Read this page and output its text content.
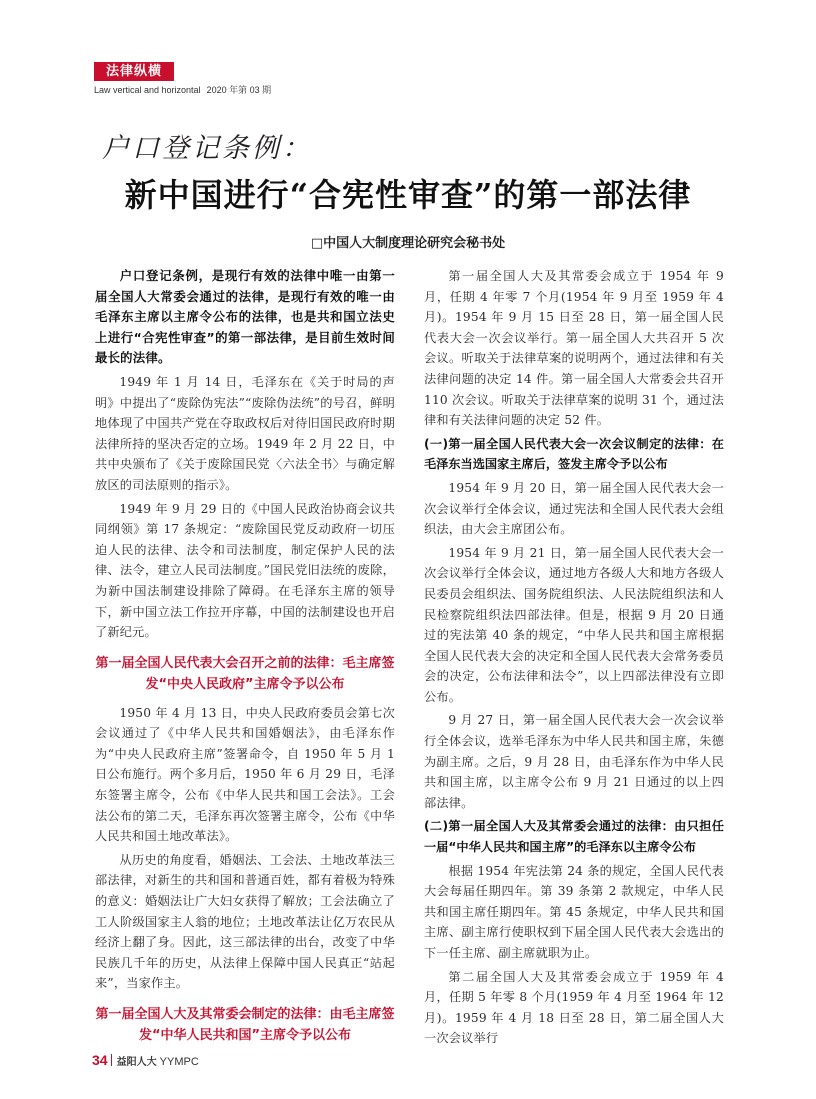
法律纵横
Law vertical and horizontal 2020 年第 03 期
户口登记条例：
新中国进行“合宪性审查”的第一部法律
□中国人大制度理论研究会秘书处

户口登记条例，是现行有效的法律中唯一由第一届全国人大常委会通过的法律，是现行有效的唯一由毛泽东主席以主席令公布的法律，也是共和国立法史上进行“合宪性审查”的第一部法律，是目前生效时间最长的法律。

1949 年 1 月 14 日，毛泽东在《关于时局的声明》中提出了“废除伪宪法”“废除伪法统”的号召，鲜明地体现了中国共产党在夺取政权后对待旧国民政府时期法律所持的坚决否定的立场。1949 年 2 月 22 日，中共中央颁布了《关于废除国民党〈六法全书〉与确定解放区的司法原则的指示》。

1949 年 9 月 29 日的《中国人民政治协商会议共同纲领》第 17 条规定：“废除国民党反动政府一切压迫人民的法律、法令和司法制度，制定保护人民的法律、法令，建立人民司法制度。”国民党旧法统的废除，为新中国法制建设排除了障碍。在毛泽东主席的领导下，新中国立法工作拉开序幕，中国的法制建设也开启了新纪元。

第一届全国人民代表大会召开之前的法律：毛主席签发“中央人民政府”主席令予以公布

1950 年 4 月 13 日，中央人民政府委员会第七次会议通过了《中华人民共和国婚姻法》，由毛泽东作为“中央人民政府主席”签署命令，自 1950 年 5 月 1 日公布施行。两个多月后，1950 年 6 月 29 日，毛泽东签署主席令，公布《中华人民共和国工会法》。工会法公布的第二天，毛泽东再次签署主席令，公布《中华人民共和国土地改革法》。

从历史的角度看，婚姻法、工会法、土地改革法三部法律，对新生的共和国和普通百姓，都有着极为特殊的意义：婚姻法让广大妇女获得了解放；工会法确立了工人阶级国家主人翁的地位；土地改革法让亿万农民从经济上翻了身。因此，这三部法律的出台，改变了中华民族几千年的历史，从法律上保障中国人民真正“站起来”，当家作主。

第一届全国人大及其常委会制定的法律：由毛主席签发“中华人民共和国”主席令予以公布

第一届全国人大及其常委会成立于 1954 年 9 月，任期 4 年零 7 个月(1954 年 9 月至 1959 年 4 月)。1954 年 9 月 15 日至 28 日，第一届全国人民代表大会一次会议举行。第一届全国人大共召开 5 次会议。听取关于法律草案的说明两个，通过法律和有关法律问题的决定 14 件。第一届全国人大常委会共召开 110 次会议。听取关于法律草案的说明 31 个，通过法律和有关法律问题的决定 52 件。

(一)第一届全国人民代表大会一次会议制定的法律：在毛泽东当选国家主席后，签发主席令予以公布

1954 年 9 月 20 日，第一届全国人民代表大会一次会议举行全体会议，通过宪法和全国人民代表大会组织法，由大会主席团公布。

1954 年 9 月 21 日，第一届全国人民代表大会一次会议举行全体会议，通过地方各级人大和地方各级人民委员会组织法、国务院组织法、人民法院组织法和人民检察院组织法四部法律。但是，根据 9 月 20 日通过的宪法第 40 条的规定，“中华人民共和国主席根据全国人民代表大会的决定和全国人民代表大会常务委员会的决定，公布法律和法令”，以上四部法律没有立即公布。

9 月 27 日，第一届全国人民代表大会一次会议举行全体会议，选举毛泽东为中华人民共和国主席，朱德为副主席。之后，9 月 28 日，由毛泽东作为中华人民共和国主席，以主席令公布 9 月 21 日通过的以上四部法律。

(二)第一届全国人大及其常委会通过的法律：由只担任一届“中华人民共和国主席”的毛泽东以主席令公布

根据 1954 年宪法第 24 条的规定，全国人民代表大会每届任期四年。第 39 条第 2 款规定，中华人民共和国主席任期四年。第 45 条规定，中华人民共和国主席、副主席行使职权到下届全国人民代表大会选出的下一任主席、副主席就职为止。

第二届全国人大及其常委会成立于 1959 年 4 月，任期 5 年零 8 个月(1959 年 4 月至 1964 年 12 月)。1959 年 4 月 18 日至 28 日，第二届全国人大一次会议举行

34 益阳人大 YYMPC
